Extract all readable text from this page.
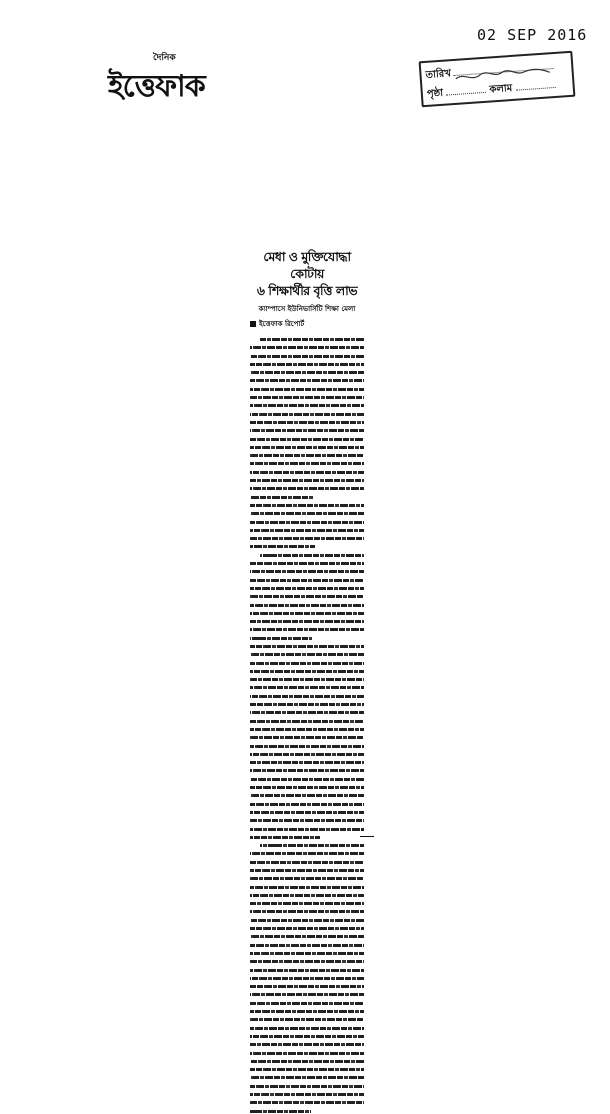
দৈনিক
ইত্তেফাক
02 SEP 2016
তারিখ
পৃষ্ঠা	কলাম
মেধা ও মুক্তিযোদ্ধা কোটায়
৬ শিক্ষার্থীর বৃত্তি লাভ
ক্যাম্পাসে ইউনিভার্সিটি শিক্ষা মেলা
ইত্তেফাক রিপোর্ট
